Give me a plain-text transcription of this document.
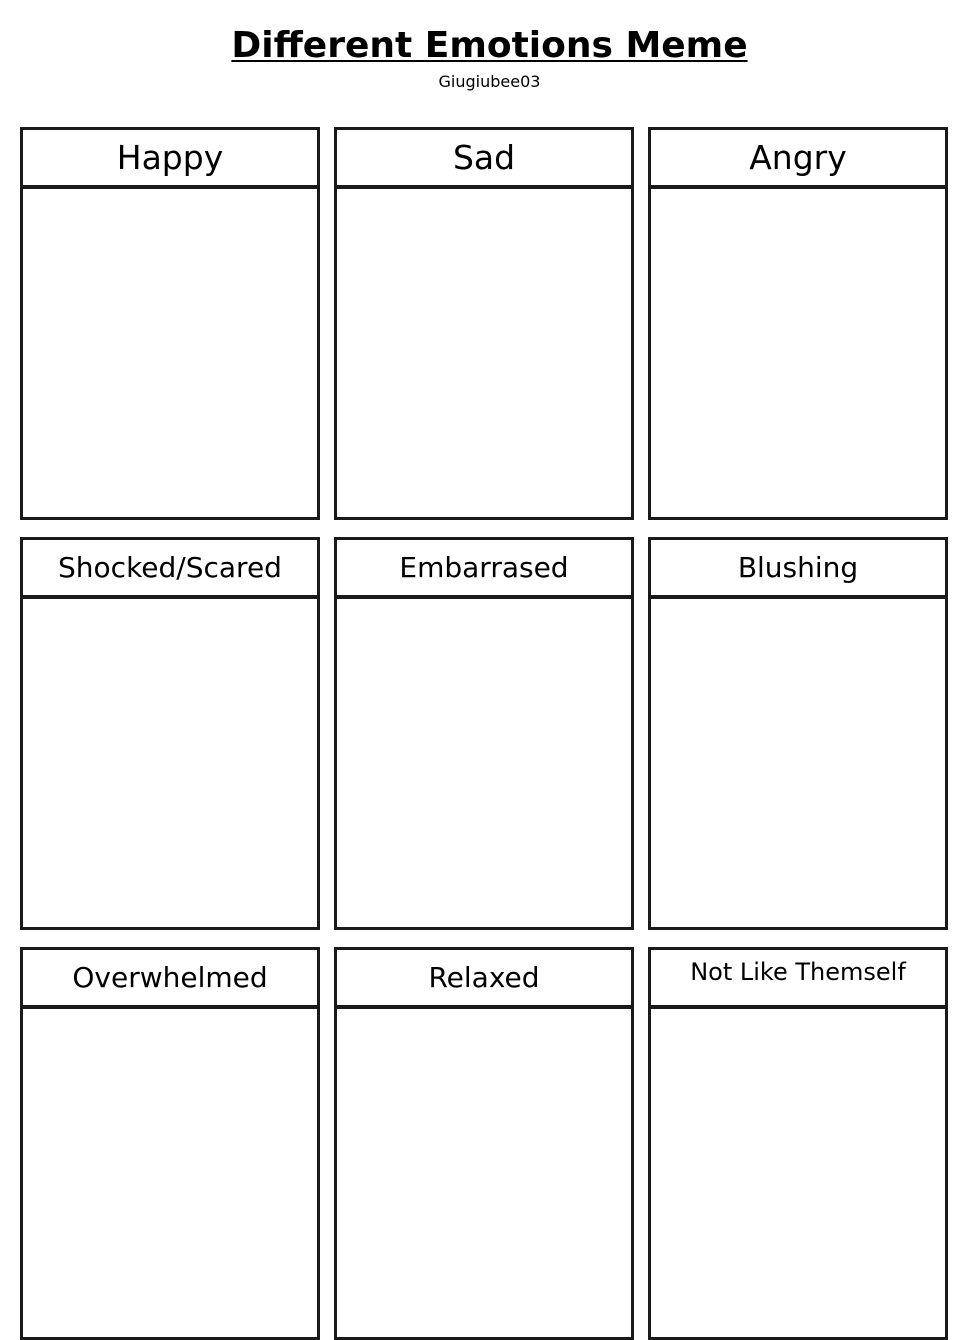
Different Emotions Meme
Giugiubee03
Happy	Sad	Angry
Shocked/Scared	Embarrased	Blushing
Overwhelmed	Relaxed	Not Like Themself
